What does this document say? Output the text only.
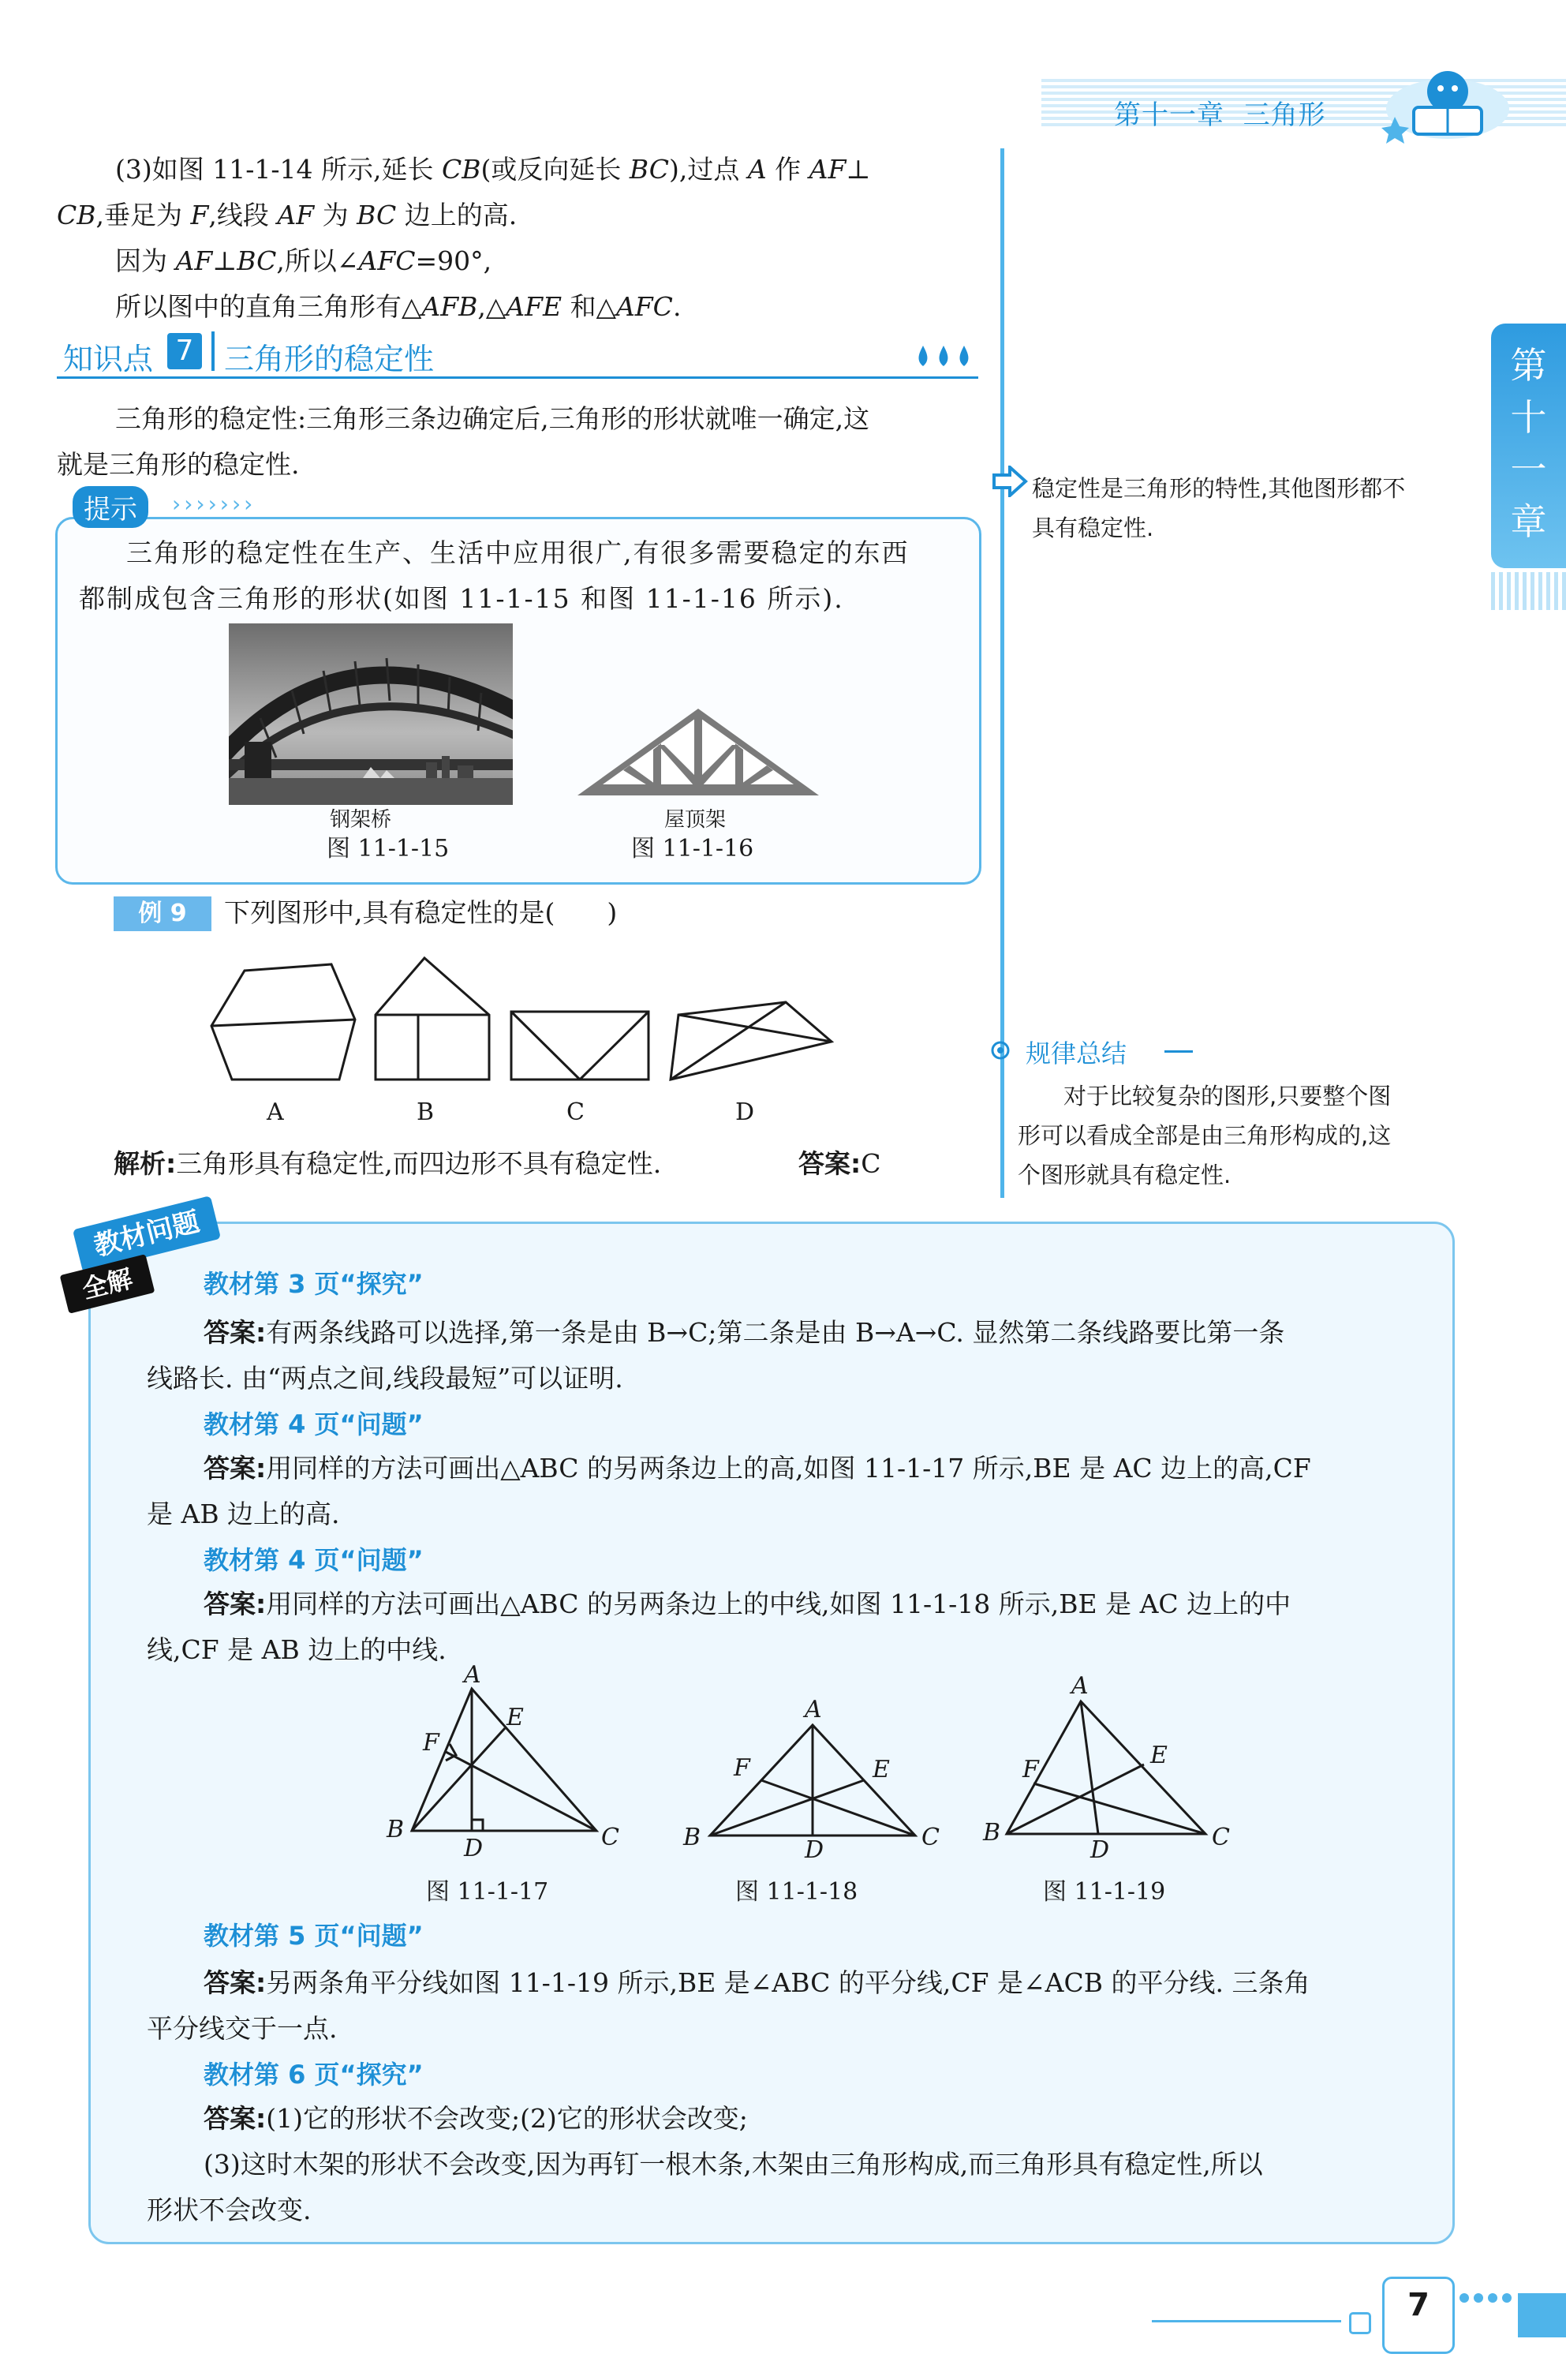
第十一章 三角形
第
十
一
章
(3)如图 11-1-14 所示,延长 CB(或反向延长 BC),过点 A 作 AF⊥
CB,垂足为 F,线段 AF 为 BC 边上的高.
因为 AF⊥BC,所以∠AFC=90°,
所以图中的直角三角形有△AFB,△AFE 和△AFC.
知识点 7 三角形的稳定性
三角形的稳定性:三角形三条边确定后,三角形的形状就唯一确定,这
就是三角形的稳定性.
提示	›››››››
三角形的稳定性在生产、生活中应用很广,有很多需要稳定的东西
都制成包含三角形的形状(如图 11-1-15 和图 11-1-16 所示).
钢架桥
图 11-1-15
屋顶架
图 11-1-16
例 9	下列图形中,具有稳定性的是(　　)
A	B	C	D
解析:三角形具有稳定性,而四边形不具有稳定性.	答案:C
稳定性是三角形的特性,其他图形都不
具有稳定性.
规律总结
对于比较复杂的图形,只要整个图
形可以看成全部是由三角形构成的,这
个图形就具有稳定性.
教材问题
全解	教材第 3 页“探究”
答案:有两条线路可以选择,第一条是由 B→C;第二条是由 B→A→C. 显然第二条线路要比第一条
线路长. 由“两点之间,线段最短”可以证明.
教材第 4 页“问题”
答案:用同样的方法可画出△ABC 的另两条边上的高,如图 11-1-17 所示,BE 是 AC 边上的高,CF
是 AB 边上的高.
教材第 4 页“问题”
答案:用同样的方法可画出△ABC 的另两条边上的中线,如图 11-1-18 所示,BE 是 AC 边上的中
线,CF 是 AB 边上的中线.
A
E
F
B
D	C
A
E
F
B	D	C
A
E
F
B
D	C
图 11-1-17	图 11-1-18	图 11-1-19
教材第 5 页“问题”
答案:另两条角平分线如图 11-1-19 所示,BE 是∠ABC 的平分线,CF 是∠ACB 的平分线. 三条角
平分线交于一点.
教材第 6 页“探究”
答案:(1)它的形状不会改变;(2)它的形状会改变;
(3)这时木架的形状不会改变,因为再钉一根木条,木架由三角形构成,而三角形具有稳定性,所以
形状不会改变.
7
